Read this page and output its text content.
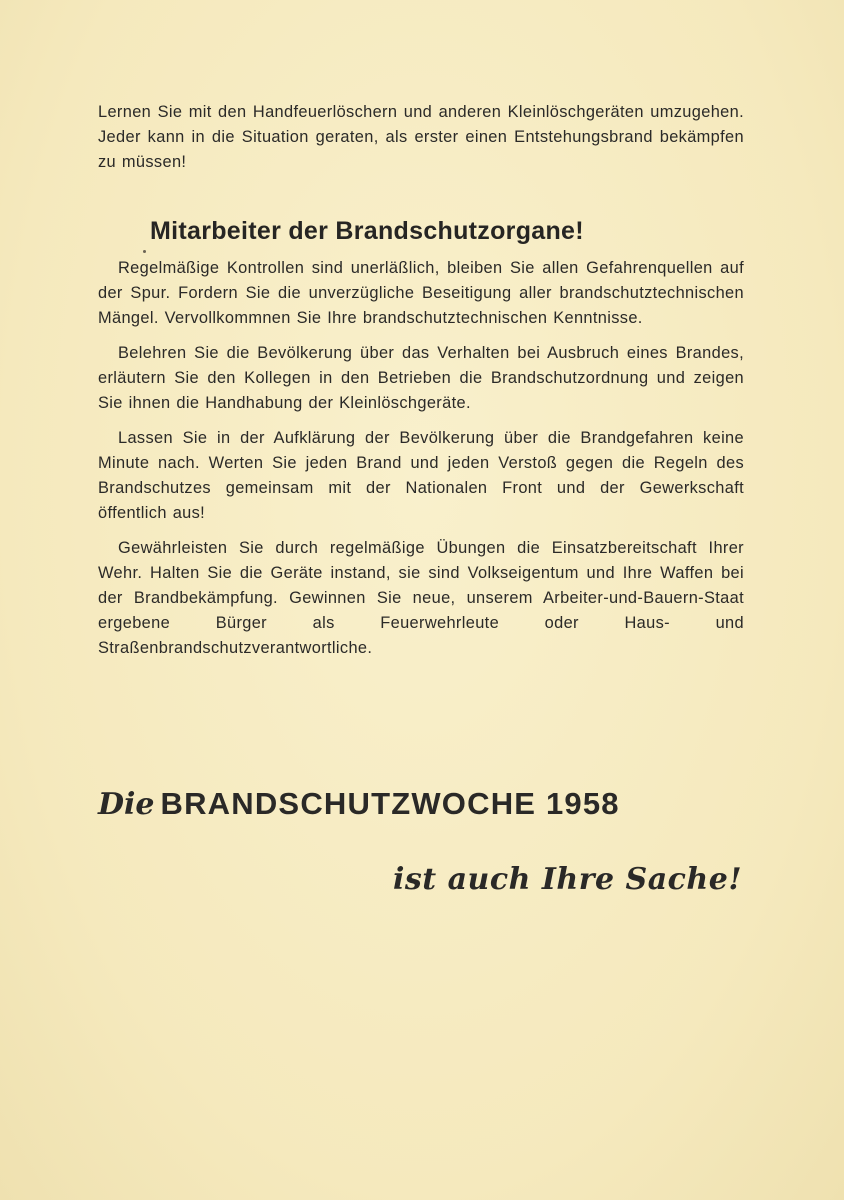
Lernen Sie mit den Handfeuerlöschern und anderen Kleinlöschgeräten umzugehen. Jeder kann in die Situation geraten, als erster einen Entstehungsbrand bekämpfen zu müssen!

Mitarbeiter der Brandschutzorgane!

Regelmäßige Kontrollen sind unerläßlich, bleiben Sie allen Gefahrenquellen auf der Spur. Fordern Sie die unverzügliche Beseitigung aller brandschutztechnischen Mängel. Vervollkommnen Sie Ihre brandschutztechnischen Kenntnisse.

Belehren Sie die Bevölkerung über das Verhalten bei Ausbruch eines Brandes, erläutern Sie den Kollegen in den Betrieben die Brandschutzordnung und zeigen Sie ihnen die Handhabung der Kleinlöschgeräte.

Lassen Sie in der Aufklärung der Bevölkerung über die Brandgefahren keine Minute nach. Werten Sie jeden Brand und jeden Verstoß gegen die Regeln des Brandschutzes gemeinsam mit der Nationalen Front und der Gewerkschaft öffentlich aus!

Gewährleisten Sie durch regelmäßige Übungen die Einsatzbereitschaft Ihrer Wehr. Halten Sie die Geräte instand, sie sind Volkseigentum und Ihre Waffen bei der Brandbekämpfung. Gewinnen Sie neue, unserem Arbeiter-und-Bauern-Staat ergebene Bürger als Feuerwehrleute oder Haus- und Straßenbrandschutzverantwortliche.

Die BRANDSCHUTZWOCHE 1958
ist auch Ihre Sache!
